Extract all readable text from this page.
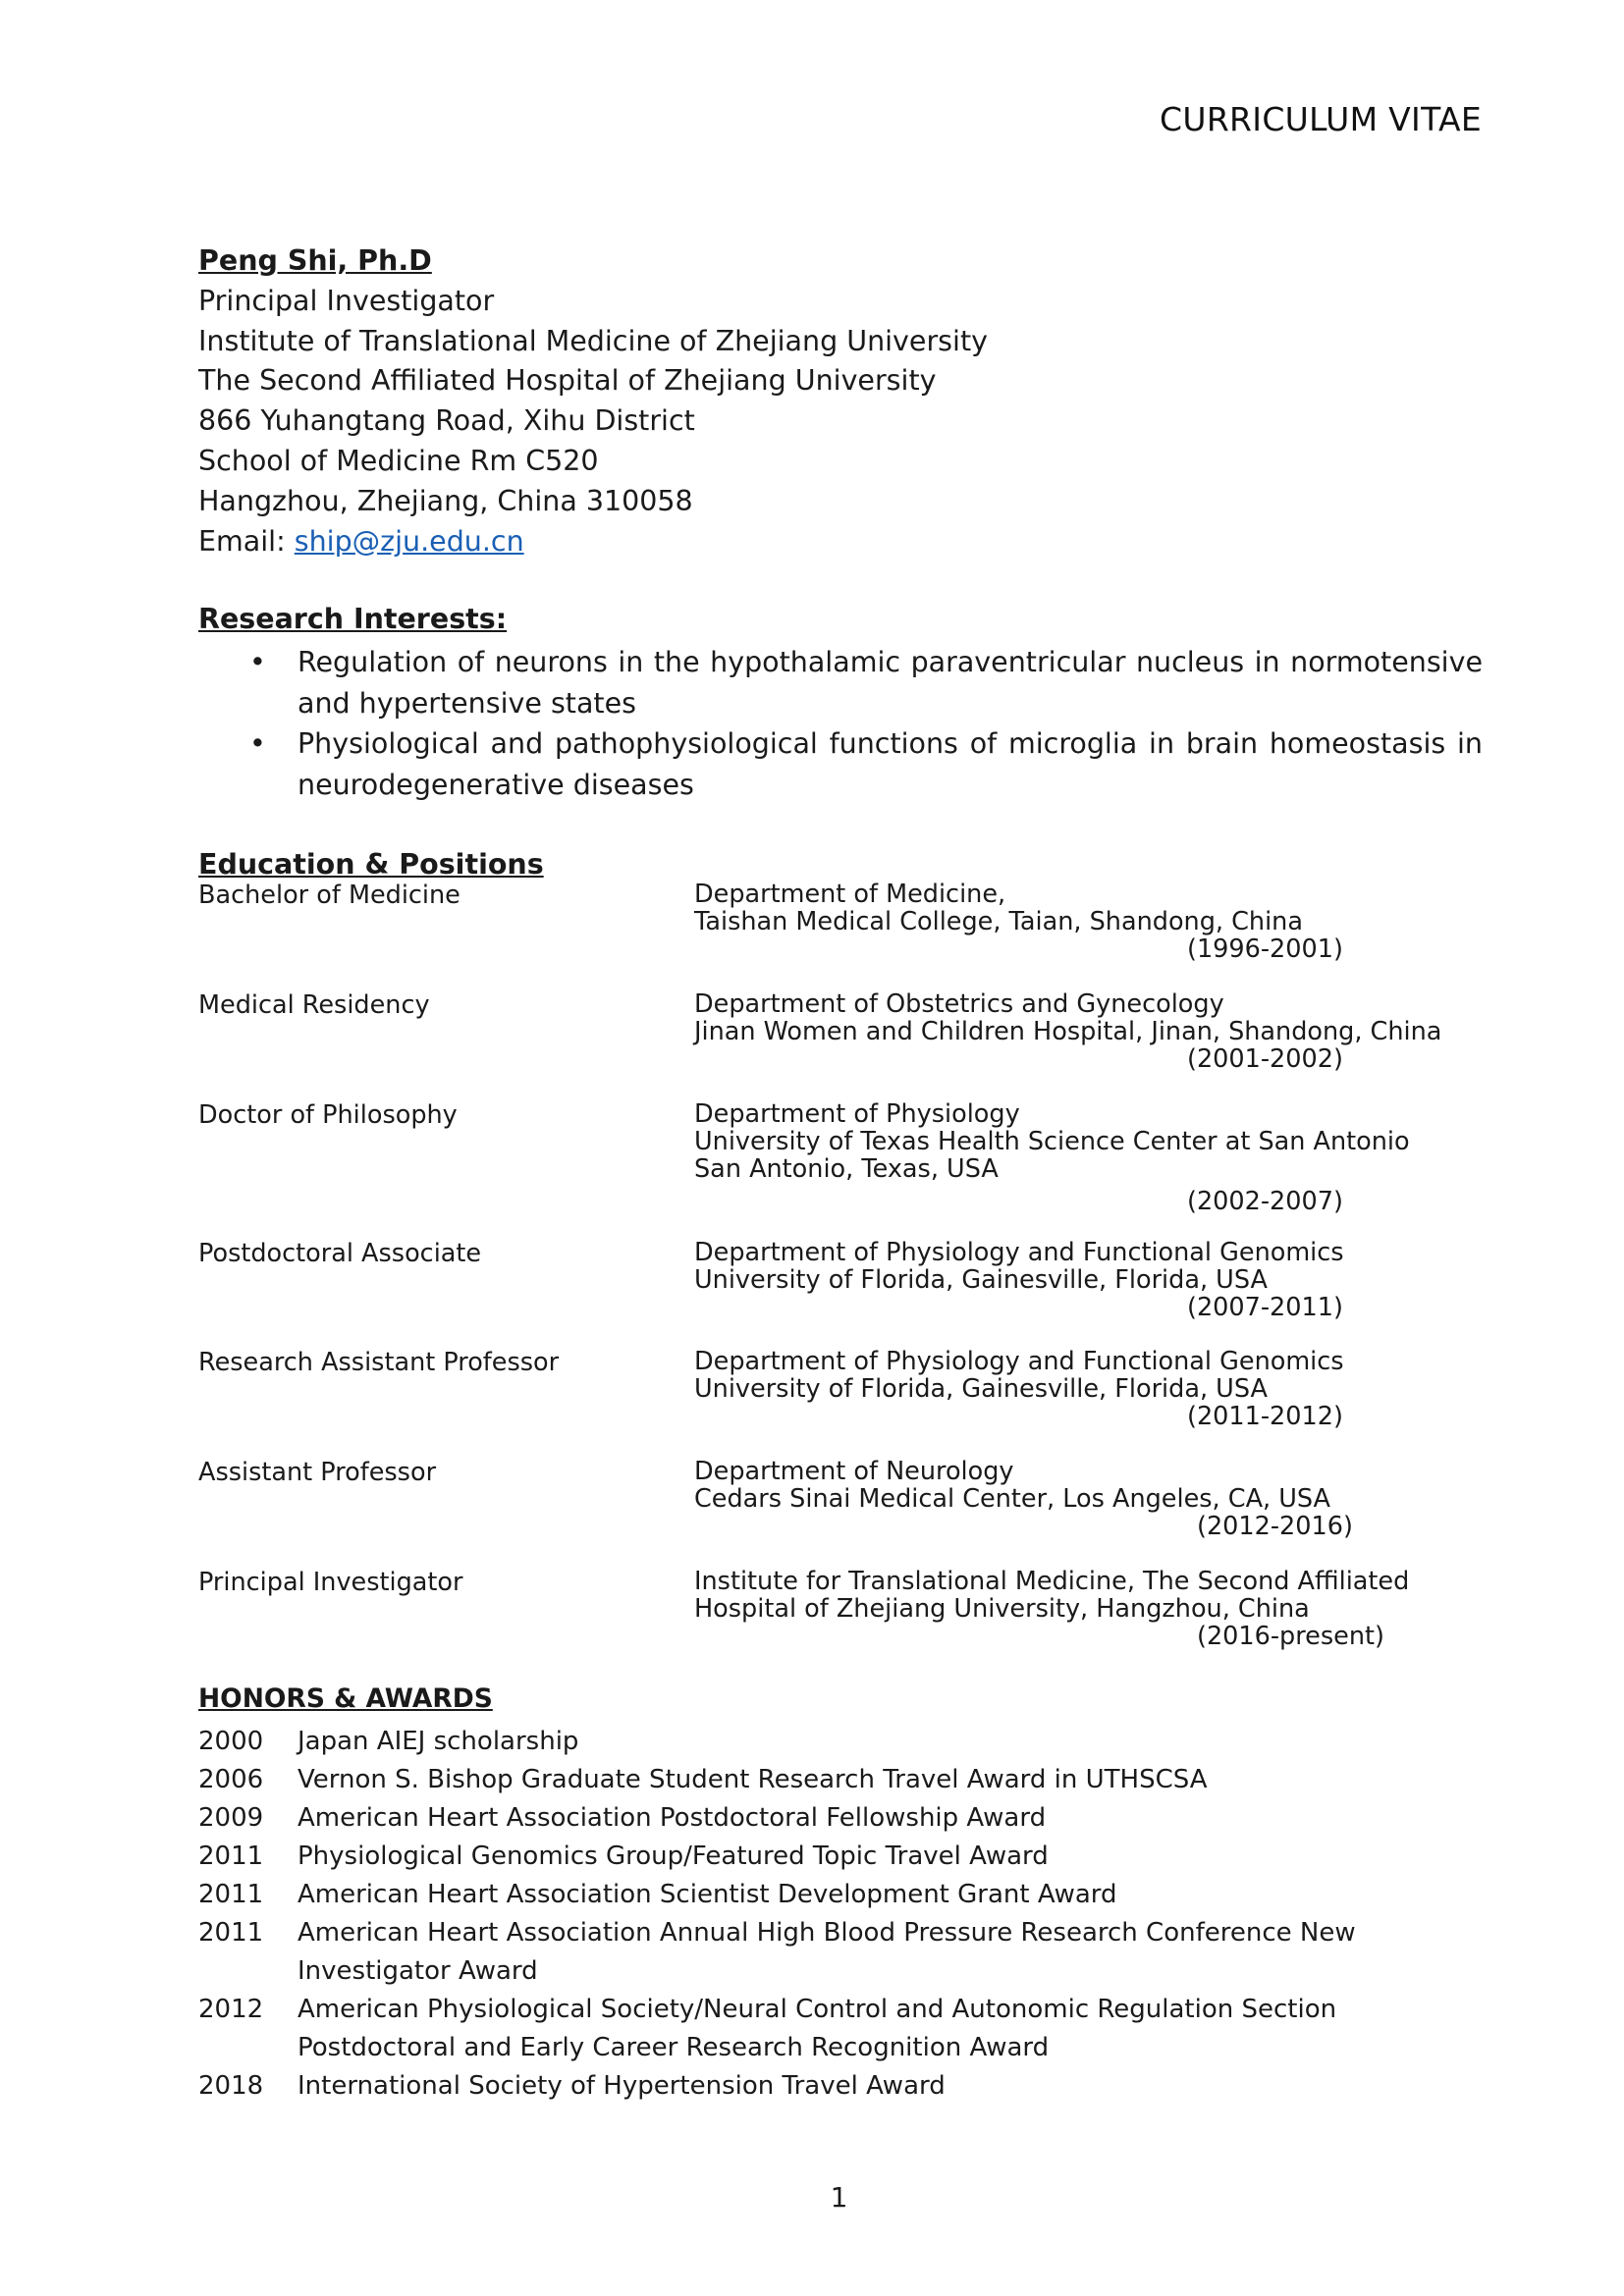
CURRICULUM VITAE
Peng Shi, Ph.D
Principal Investigator
Institute of Translational Medicine of Zhejiang University
The Second Affiliated Hospital of Zhejiang University
866 Yuhangtang Road, Xihu District
School of Medicine Rm C520
Hangzhou, Zhejiang, China 310058
Email: ship@zju.edu.cn
Research Interests:
• Regulation of neurons in the hypothalamic paraventricular nucleus in normotensive and hypertensive states
• Physiological and pathophysiological functions of microglia in brain homeostasis in neurodegenerative diseases
Education & Positions
Bachelor of Medicine	Department of Medicine,
Taishan Medical College, Taian, Shandong, China
(1996-2001)
Medical Residency	Department of Obstetrics and Gynecology
Jinan Women and Children Hospital, Jinan, Shandong, China
(2001-2002)
Doctor of Philosophy	Department of Physiology
University of Texas Health Science Center at San Antonio
San Antonio, Texas, USA
(2002-2007)
Postdoctoral Associate	Department of Physiology and Functional Genomics
University of Florida, Gainesville, Florida, USA
(2007-2011)
Research Assistant Professor	Department of Physiology and Functional Genomics
University of Florida, Gainesville, Florida, USA
(2011-2012)
Assistant Professor	Department of Neurology
Cedars Sinai Medical Center, Los Angeles, CA, USA
(2012-2016)
Principal Investigator	Institute for Translational Medicine, The Second Affiliated
Hospital of Zhejiang University, Hangzhou, China
(2016-present)
HONORS & AWARDS
2000 Japan AIEJ scholarship
2006 Vernon S. Bishop Graduate Student Research Travel Award in UTHSCSA
2009 American Heart Association Postdoctoral Fellowship Award
2011 Physiological Genomics Group/Featured Topic Travel Award
2011 American Heart Association Scientist Development Grant Award
2011 American Heart Association Annual High Blood Pressure Research Conference New Investigator Award
2012 American Physiological Society/Neural Control and Autonomic Regulation Section Postdoctoral and Early Career Research Recognition Award
2018 International Society of Hypertension Travel Award
1
